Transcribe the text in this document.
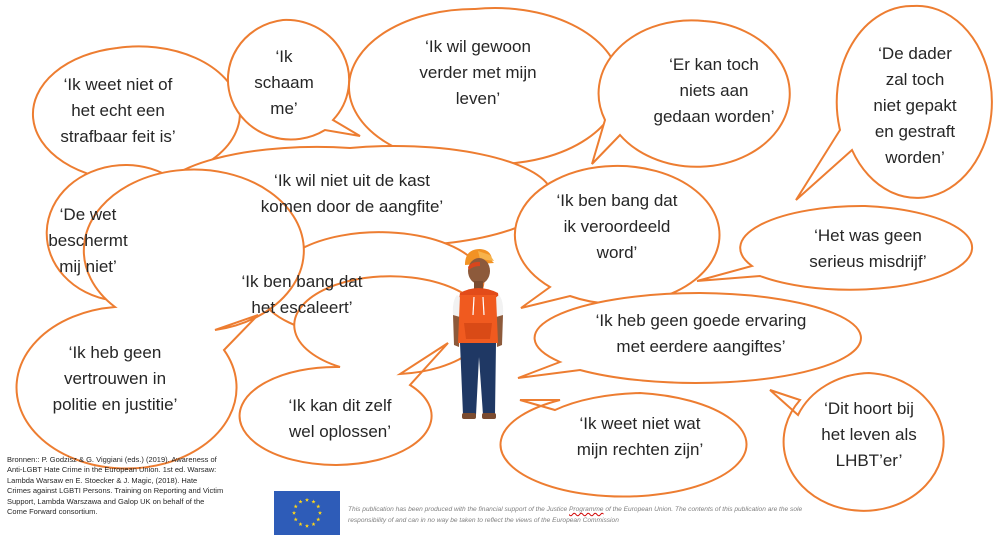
‘Ik weet niet of
het echt een
strafbaar feit is’
‘Ik
schaam
me’
‘Ik wil gewoon
verder met mijn
leven’
‘Er kan toch
niets aan
gedaan worden’
‘De dader
zal toch
niet gepakt
en gestraft
worden’
‘Ik wil niet uit de kast
komen door de aangfite’	‘Ik ben bang dat
ik veroordeeld
word’
‘De wet
beschermt
mij niet’
‘Het was geen
serieus misdrijf’
‘Ik ben bang dat
het escaleert’
‘Ik heb geen goede ervaring
met eerdere aangiftes’
‘Ik heb geen
vertrouwen in
politie en justitie’	‘Ik kan dit zelf
wel oplossen’	‘Ik weet niet wat
mijn rechten zijn’
‘Dit hoort bij
het leven als
LHBT’er’
Bronnen:: P. Godzisz & G. Viggiani (eds.) (2019). Awareness of
Anti-LGBT Hate Crime in the European Union. 1st ed. Warsaw:
Lambda Warsaw en E. Stoecker & J. Magic, (2018). Hate
Crimes against LGBTI Persons. Training on Reporting and Victim
Support, Lambda Warszawa and Galop UK on behalf of the
Come Forward consortium.	This publication has been produced with the financial support of the Justice Programme of the European Union. The contents of this publication are the sole responsibility of and can in no way be taken to reflect the views of the European Commission
